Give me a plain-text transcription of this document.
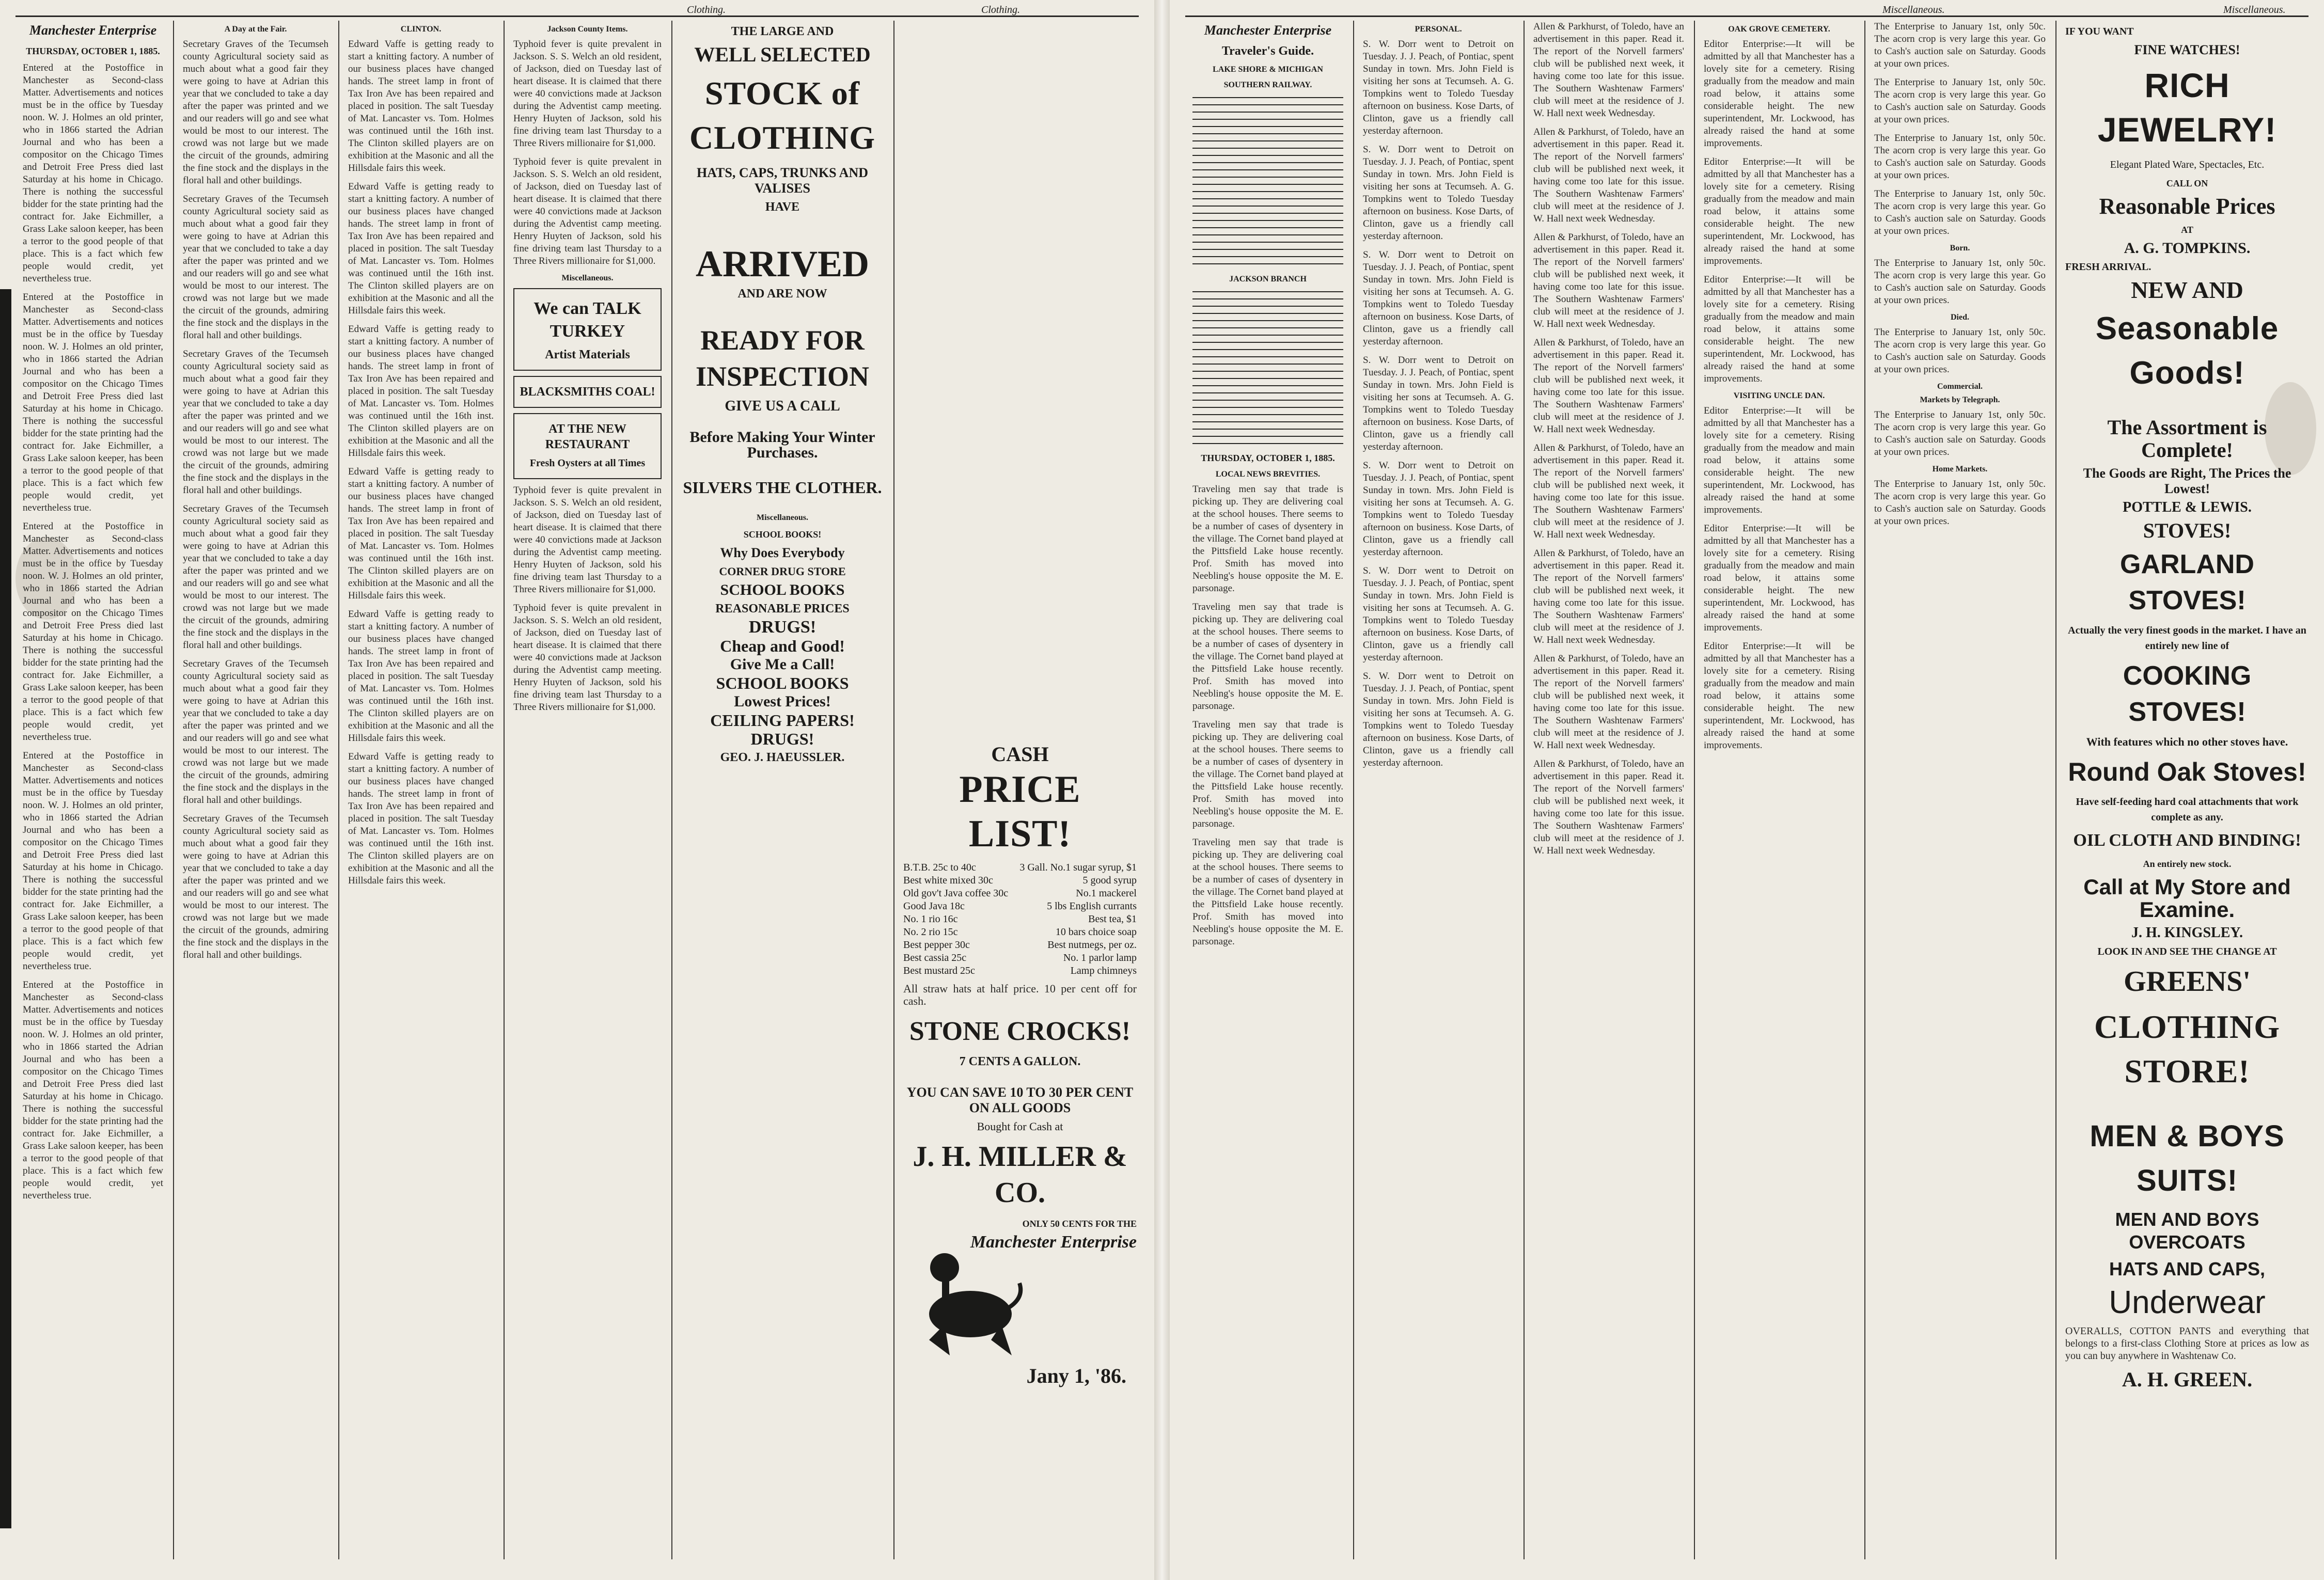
Manchester Enterprise
THURSDAY, OCTOBER 1, 1885.

Entered at the Postoffice in Manchester as Second-class Matter. Advertisements and notices must be in the office by Tuesday noon. W. J. Holmes an old printer, who in 1866 started the Adrian Journal and who has been a compositor on the Chicago Times and Detroit Free Press died last Saturday at his home in Chicago. There is nothing the successful bidder for the state printing had the contract for. Jake Eichmiller, a Grass Lake saloon keeper, has been a terror to the good people of that place. This is a fact which few people would credit, yet nevertheless true.

Entered at the Postoffice in Manchester as Second-class Matter. Advertisements and notices must be in the office by Tuesday noon. W. J. Holmes an old printer, who in 1866 started the Adrian Journal and who has been a compositor on the Chicago Times and Detroit Free Press died last Saturday at his home in Chicago. There is nothing the successful bidder for the state printing had the contract for. Jake Eichmiller, a Grass Lake saloon keeper, has been a terror to the good people of that place. This is a fact which few people would credit, yet nevertheless true.

Entered at the Postoffice in Manchester as Second-class Matter. Advertisements and notices must be in the office by Tuesday noon. W. J. Holmes an old printer, who in 1866 started the Adrian Journal and who has been a compositor on the Chicago Times and Detroit Free Press died last Saturday at his home in Chicago. There is nothing the successful bidder for the state printing had the contract for. Jake Eichmiller, a Grass Lake saloon keeper, has been a terror to the good people of that place. This is a fact which few people would credit, yet nevertheless true.

Entered at the Postoffice in Manchester as Second-class Matter. Advertisements and notices must be in the office by Tuesday noon. W. J. Holmes an old printer, who in 1866 started the Adrian Journal and who has been a compositor on the Chicago Times and Detroit Free Press died last Saturday at his home in Chicago. There is nothing the successful bidder for the state printing had the contract for. Jake Eichmiller, a Grass Lake saloon keeper, has been a terror to the good people of that place. This is a fact which few people would credit, yet nevertheless true.

Entered at the Postoffice in Manchester as Second-class Matter. Advertisements and notices must be in the office by Tuesday noon. W. J. Holmes an old printer, who in 1866 started the Adrian Journal and who has been a compositor on the Chicago Times and Detroit Free Press died last Saturday at his home in Chicago. There is nothing the successful bidder for the state printing had the contract for. Jake Eichmiller, a Grass Lake saloon keeper, has been a terror to the good people of that place. This is a fact which few people would credit, yet nevertheless true.

A Day at the Fair.

Secretary Graves of the Tecumseh county Agricultural society said as much about what a good fair they were going to have at Adrian this year that we concluded to take a day after the paper was printed and we and our readers will go and see what would be most to our interest. The crowd was not large but we made the circuit of the grounds, admiring the fine stock and the displays in the floral hall and other buildings.

Secretary Graves of the Tecumseh county Agricultural society said as much about what a good fair they were going to have at Adrian this year that we concluded to take a day after the paper was printed and we and our readers will go and see what would be most to our interest. The crowd was not large but we made the circuit of the grounds, admiring the fine stock and the displays in the floral hall and other buildings.

Secretary Graves of the Tecumseh county Agricultural society said as much about what a good fair they were going to have at Adrian this year that we concluded to take a day after the paper was printed and we and our readers will go and see what would be most to our interest. The crowd was not large but we made the circuit of the grounds, admiring the fine stock and the displays in the floral hall and other buildings.

Secretary Graves of the Tecumseh county Agricultural society said as much about what a good fair they were going to have at Adrian this year that we concluded to take a day after the paper was printed and we and our readers will go and see what would be most to our interest. The crowd was not large but we made the circuit of the grounds, admiring the fine stock and the displays in the floral hall and other buildings.

Secretary Graves of the Tecumseh county Agricultural society said as much about what a good fair they were going to have at Adrian this year that we concluded to take a day after the paper was printed and we and our readers will go and see what would be most to our interest. The crowd was not large but we made the circuit of the grounds, admiring the fine stock and the displays in the floral hall and other buildings.

Secretary Graves of the Tecumseh county Agricultural society said as much about what a good fair they were going to have at Adrian this year that we concluded to take a day after the paper was printed and we and our readers will go and see what would be most to our interest. The crowd was not large but we made the circuit of the grounds, admiring the fine stock and the displays in the floral hall and other buildings.

CLINTON.

Edward Vaffe is getting ready to start a knitting factory. A number of our business places have changed hands. The street lamp in front of Tax Iron Ave has been repaired and placed in position. The salt Tuesday of Mat. Lancaster vs. Tom. Holmes was continued until the 16th inst. The Clinton skilled players are on exhibition at the Masonic and all the Hillsdale fairs this week.

Edward Vaffe is getting ready to start a knitting factory. A number of our business places have changed hands. The street lamp in front of Tax Iron Ave has been repaired and placed in position. The salt Tuesday of Mat. Lancaster vs. Tom. Holmes was continued until the 16th inst. The Clinton skilled players are on exhibition at the Masonic and all the Hillsdale fairs this week.

Edward Vaffe is getting ready to start a knitting factory. A number of our business places have changed hands. The street lamp in front of Tax Iron Ave has been repaired and placed in position. The salt Tuesday of Mat. Lancaster vs. Tom. Holmes was continued until the 16th inst. The Clinton skilled players are on exhibition at the Masonic and all the Hillsdale fairs this week.

Edward Vaffe is getting ready to start a knitting factory. A number of our business places have changed hands. The street lamp in front of Tax Iron Ave has been repaired and placed in position. The salt Tuesday of Mat. Lancaster vs. Tom. Holmes was continued until the 16th inst. The Clinton skilled players are on exhibition at the Masonic and all the Hillsdale fairs this week.

Edward Vaffe is getting ready to start a knitting factory. A number of our business places have changed hands. The street lamp in front of Tax Iron Ave has been repaired and placed in position. The salt Tuesday of Mat. Lancaster vs. Tom. Holmes was continued until the 16th inst. The Clinton skilled players are on exhibition at the Masonic and all the Hillsdale fairs this week.

Edward Vaffe is getting ready to start a knitting factory. A number of our business places have changed hands. The street lamp in front of Tax Iron Ave has been repaired and placed in position. The salt Tuesday of Mat. Lancaster vs. Tom. Holmes was continued until the 16th inst. The Clinton skilled players are on exhibition at the Masonic and all the Hillsdale fairs this week.

Jackson County Items.

Typhoid fever is quite prevalent in Jackson. S. S. Welch an old resident, of Jackson, died on Tuesday last of heart disease. It is claimed that there were 40 convictions made at Jackson during the Adventist camp meeting. Henry Huyten of Jackson, sold his fine driving team last Thursday to a Three Rivers millionaire for $1,000.

Typhoid fever is quite prevalent in Jackson. S. S. Welch an old resident, of Jackson, died on Tuesday last of heart disease. It is claimed that there were 40 convictions made at Jackson during the Adventist camp meeting. Henry Huyten of Jackson, sold his fine driving team last Thursday to a Three Rivers millionaire for $1,000.

Miscellaneous.
We can TALK TURKEY
Artist Materials
BLACKSMITHS COAL!
AT THE NEW RESTAURANT
Fresh Oysters at all Times

Typhoid fever is quite prevalent in Jackson. S. S. Welch an old resident, of Jackson, died on Tuesday last of heart disease. It is claimed that there were 40 convictions made at Jackson during the Adventist camp meeting. Henry Huyten of Jackson, sold his fine driving team last Thursday to a Three Rivers millionaire for $1,000.

Typhoid fever is quite prevalent in Jackson. S. S. Welch an old resident, of Jackson, died on Tuesday last of heart disease. It is claimed that there were 40 convictions made at Jackson during the Adventist camp meeting. Henry Huyten of Jackson, sold his fine driving team last Thursday to a Three Rivers millionaire for $1,000.

Clothing.
THE LARGE AND
WELL SELECTED
STOCK of CLOTHING
HATS, CAPS, TRUNKS AND VALISES
HAVE
ARRIVED
AND ARE NOW
READY FOR INSPECTION
GIVE US A CALL
Before Making Your Winter Purchases.
SILVERS THE CLOTHER.
Miscellaneous.
SCHOOL BOOKS!
Why Does Everybody
CORNER DRUG STORE
SCHOOL BOOKS
REASONABLE PRICES
DRUGS!
Cheap and Good!
Give Me a Call!
SCHOOL BOOKS
Lowest Prices!
CEILING PAPERS!
DRUGS!
GEO. J. HAEUSSLER.
Clothing.
CASH
PRICE LIST!
B.T.B. 25c to 40c	3 Gall. No.1 sugar syrup, $1
Best white mixed 30c	5 good syrup
Old gov't Java coffee 30c	No.1 mackerel
Good Java 18c	5 lbs English currants
No. 1 rio 16c	Best tea, $1
No. 2 rio 15c	10 bars choice soap
Best pepper 30c	Best nutmegs, per oz.
Best cassia 25c	No. 1 parlor lamp
Best mustard 25c	Lamp chimneys

All straw hats at half price. 10 per cent off for cash.

STONE CROCKS!
7 CENTS A GALLON.
YOU CAN SAVE 10 TO 30 PER CENT ON ALL GOODS
Bought for Cash at
J. H. MILLER & CO.
ONLY 50 CENTS FOR THE
Manchester Enterprise
Jany 1, '86.
Manchester Enterprise
Traveler's Guide.
LAKE SHORE & MICHIGAN SOUTHERN RAILWAY.
JACKSON BRANCH
THURSDAY, OCTOBER 1, 1885.
LOCAL NEWS BREVITIES.

Traveling men say that trade is picking up. They are delivering coal at the school houses. There seems to be a number of cases of dysentery in the village. The Cornet band played at the Pittsfield Lake house recently. Prof. Smith has moved into Neebling's house opposite the M. E. parsonage.

Traveling men say that trade is picking up. They are delivering coal at the school houses. There seems to be a number of cases of dysentery in the village. The Cornet band played at the Pittsfield Lake house recently. Prof. Smith has moved into Neebling's house opposite the M. E. parsonage.

Traveling men say that trade is picking up. They are delivering coal at the school houses. There seems to be a number of cases of dysentery in the village. The Cornet band played at the Pittsfield Lake house recently. Prof. Smith has moved into Neebling's house opposite the M. E. parsonage.

Traveling men say that trade is picking up. They are delivering coal at the school houses. There seems to be a number of cases of dysentery in the village. The Cornet band played at the Pittsfield Lake house recently. Prof. Smith has moved into Neebling's house opposite the M. E. parsonage.

PERSONAL.

S. W. Dorr went to Detroit on Tuesday. J. J. Peach, of Pontiac, spent Sunday in town. Mrs. John Field is visiting her sons at Tecumseh. A. G. Tompkins went to Toledo Tuesday afternoon on business. Kose Darts, of Clinton, gave us a friendly call yesterday afternoon.

S. W. Dorr went to Detroit on Tuesday. J. J. Peach, of Pontiac, spent Sunday in town. Mrs. John Field is visiting her sons at Tecumseh. A. G. Tompkins went to Toledo Tuesday afternoon on business. Kose Darts, of Clinton, gave us a friendly call yesterday afternoon.

S. W. Dorr went to Detroit on Tuesday. J. J. Peach, of Pontiac, spent Sunday in town. Mrs. John Field is visiting her sons at Tecumseh. A. G. Tompkins went to Toledo Tuesday afternoon on business. Kose Darts, of Clinton, gave us a friendly call yesterday afternoon.

S. W. Dorr went to Detroit on Tuesday. J. J. Peach, of Pontiac, spent Sunday in town. Mrs. John Field is visiting her sons at Tecumseh. A. G. Tompkins went to Toledo Tuesday afternoon on business. Kose Darts, of Clinton, gave us a friendly call yesterday afternoon.

S. W. Dorr went to Detroit on Tuesday. J. J. Peach, of Pontiac, spent Sunday in town. Mrs. John Field is visiting her sons at Tecumseh. A. G. Tompkins went to Toledo Tuesday afternoon on business. Kose Darts, of Clinton, gave us a friendly call yesterday afternoon.

S. W. Dorr went to Detroit on Tuesday. J. J. Peach, of Pontiac, spent Sunday in town. Mrs. John Field is visiting her sons at Tecumseh. A. G. Tompkins went to Toledo Tuesday afternoon on business. Kose Darts, of Clinton, gave us a friendly call yesterday afternoon.

S. W. Dorr went to Detroit on Tuesday. J. J. Peach, of Pontiac, spent Sunday in town. Mrs. John Field is visiting her sons at Tecumseh. A. G. Tompkins went to Toledo Tuesday afternoon on business. Kose Darts, of Clinton, gave us a friendly call yesterday afternoon.

Allen & Parkhurst, of Toledo, have an advertisement in this paper. Read it. The report of the Norvell farmers' club will be published next week, it having come too late for this issue. The Southern Washtenaw Farmers' club will meet at the residence of J. W. Hall next week Wednesday.

Allen & Parkhurst, of Toledo, have an advertisement in this paper. Read it. The report of the Norvell farmers' club will be published next week, it having come too late for this issue. The Southern Washtenaw Farmers' club will meet at the residence of J. W. Hall next week Wednesday.

Allen & Parkhurst, of Toledo, have an advertisement in this paper. Read it. The report of the Norvell farmers' club will be published next week, it having come too late for this issue. The Southern Washtenaw Farmers' club will meet at the residence of J. W. Hall next week Wednesday.

Allen & Parkhurst, of Toledo, have an advertisement in this paper. Read it. The report of the Norvell farmers' club will be published next week, it having come too late for this issue. The Southern Washtenaw Farmers' club will meet at the residence of J. W. Hall next week Wednesday.

Allen & Parkhurst, of Toledo, have an advertisement in this paper. Read it. The report of the Norvell farmers' club will be published next week, it having come too late for this issue. The Southern Washtenaw Farmers' club will meet at the residence of J. W. Hall next week Wednesday.

Allen & Parkhurst, of Toledo, have an advertisement in this paper. Read it. The report of the Norvell farmers' club will be published next week, it having come too late for this issue. The Southern Washtenaw Farmers' club will meet at the residence of J. W. Hall next week Wednesday.

Allen & Parkhurst, of Toledo, have an advertisement in this paper. Read it. The report of the Norvell farmers' club will be published next week, it having come too late for this issue. The Southern Washtenaw Farmers' club will meet at the residence of J. W. Hall next week Wednesday.

Allen & Parkhurst, of Toledo, have an advertisement in this paper. Read it. The report of the Norvell farmers' club will be published next week, it having come too late for this issue. The Southern Washtenaw Farmers' club will meet at the residence of J. W. Hall next week Wednesday.

OAK GROVE CEMETERY.

Editor Enterprise:—It will be admitted by all that Manchester has a lovely site for a cemetery. Rising gradually from the meadow and main road below, it attains some considerable height. The new superintendent, Mr. Lockwood, has already raised the hand at some improvements.

Editor Enterprise:—It will be admitted by all that Manchester has a lovely site for a cemetery. Rising gradually from the meadow and main road below, it attains some considerable height. The new superintendent, Mr. Lockwood, has already raised the hand at some improvements.

Editor Enterprise:—It will be admitted by all that Manchester has a lovely site for a cemetery. Rising gradually from the meadow and main road below, it attains some considerable height. The new superintendent, Mr. Lockwood, has already raised the hand at some improvements.

VISITING UNCLE DAN.

Editor Enterprise:—It will be admitted by all that Manchester has a lovely site for a cemetery. Rising gradually from the meadow and main road below, it attains some considerable height. The new superintendent, Mr. Lockwood, has already raised the hand at some improvements.

Editor Enterprise:—It will be admitted by all that Manchester has a lovely site for a cemetery. Rising gradually from the meadow and main road below, it attains some considerable height. The new superintendent, Mr. Lockwood, has already raised the hand at some improvements.

Editor Enterprise:—It will be admitted by all that Manchester has a lovely site for a cemetery. Rising gradually from the meadow and main road below, it attains some considerable height. The new superintendent, Mr. Lockwood, has already raised the hand at some improvements.

Miscellaneous.

The Enterprise to January 1st, only 50c. The acorn crop is very large this year. Go to Cash's auction sale on Saturday. Goods at your own prices.

The Enterprise to January 1st, only 50c. The acorn crop is very large this year. Go to Cash's auction sale on Saturday. Goods at your own prices.

The Enterprise to January 1st, only 50c. The acorn crop is very large this year. Go to Cash's auction sale on Saturday. Goods at your own prices.

The Enterprise to January 1st, only 50c. The acorn crop is very large this year. Go to Cash's auction sale on Saturday. Goods at your own prices.

Born.

The Enterprise to January 1st, only 50c. The acorn crop is very large this year. Go to Cash's auction sale on Saturday. Goods at your own prices.

Died.

The Enterprise to January 1st, only 50c. The acorn crop is very large this year. Go to Cash's auction sale on Saturday. Goods at your own prices.

Commercial.
Markets by Telegraph.

The Enterprise to January 1st, only 50c. The acorn crop is very large this year. Go to Cash's auction sale on Saturday. Goods at your own prices.

Home Markets.

The Enterprise to January 1st, only 50c. The acorn crop is very large this year. Go to Cash's auction sale on Saturday. Goods at your own prices.

Miscellaneous.
IF YOU WANT
FINE WATCHES!
RICH JEWELRY!
Elegant Plated Ware, Spectacles, Etc.
CALL ON
Reasonable Prices
AT
A. G. TOMPKINS.
FRESH ARRIVAL.
NEW AND
Seasonable Goods!
The Assortment is Complete!
The Goods are Right, The Prices the Lowest!
POTTLE & LEWIS.
STOVES!
GARLAND STOVES!
Actually the very finest goods in the market. I have an entirely new line of
COOKING STOVES!
With features which no other stoves have.
Round Oak Stoves!
Have self-feeding hard coal attachments that work complete as any.
OIL CLOTH AND BINDING!
An entirely new stock.
Call at My Store and Examine.
J. H. KINGSLEY.
LOOK IN AND SEE THE CHANGE AT
GREENS'
CLOTHING STORE!
MEN & BOYS SUITS!
MEN AND BOYS OVERCOATS
HATS AND CAPS,
Underwear

OVERALLS, COTTON PANTS and everything that belongs to a first-class Clothing Store at prices as low as you can buy anywhere in Washtenaw Co.

A. H. GREEN.
